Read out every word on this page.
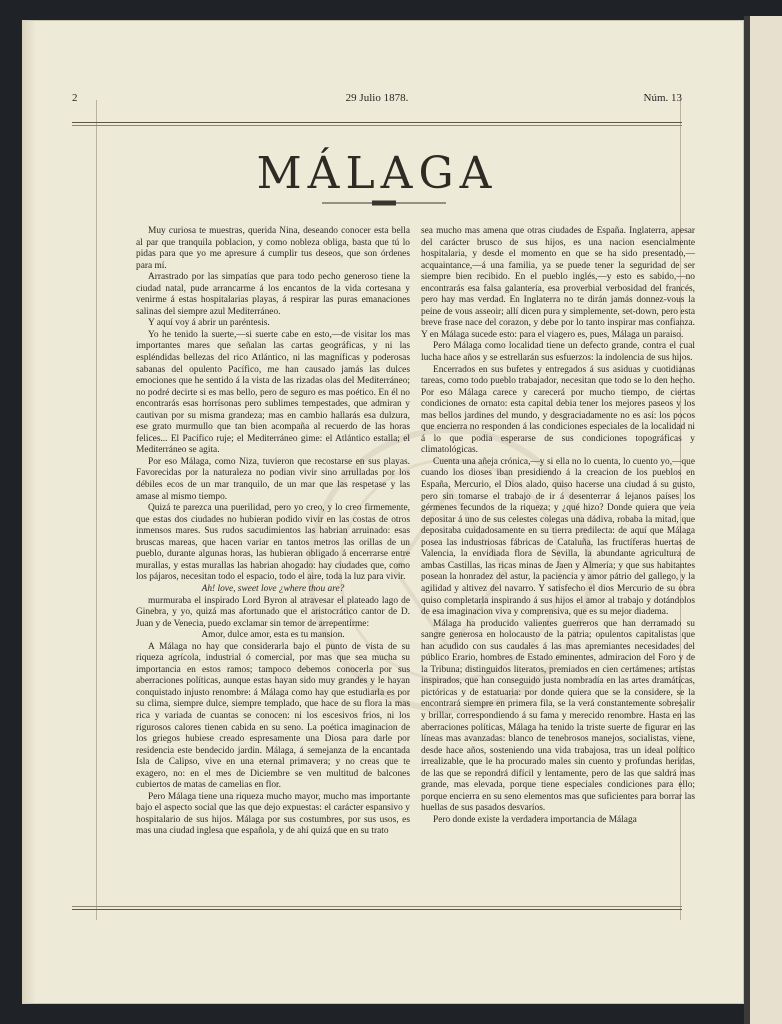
2	29 Julio 1878.	Núm. 13
MÁLAGA

Muy curiosa te muestras, querida Nina, deseando conocer esta bella al par que tranquila poblacion, y como nobleza obliga, basta que tú lo pidas para que yo me apresure á cumplir tus deseos, que son órdenes para mí.

Arrastrado por las simpatías que para todo pecho generoso tiene la ciudad natal, pude arrancarme á los encantos de la vida cortesana y venirme á estas hospitalarias playas, á respirar las puras emanaciones salinas del siempre azul Mediterráneo.

Y aquí voy á abrir un paréntesis.

Yo he tenido la suerte,—si suerte cabe en esto,—de visitar los mas importantes mares que señalan las cartas geográficas, y ni las espléndidas bellezas del rico Atlántico, ni las magníficas y poderosas sabanas del opulento Pacífico, me han causado jamás las dulces emociones que he sentido á la vista de las rizadas olas del Mediterráneo; no podré decirte si es mas bello, pero de seguro es mas poético. En él no encontrarás esas horrísonas pero sublimes tempestades, que admiran y cautivan por su misma grandeza; mas en cambio hallarás esa dulzura, ese grato murmullo que tan bien acompaña al recuerdo de las horas felices... El Pacífico ruje; el Mediterráneo gime: el Atlántico estalla; el Mediterráneo se agita.

Por eso Málaga, como Niza, tuvieron que recostarse en sus playas. Favorecidas por la naturaleza no podian vivir sino arrulladas por los débiles ecos de un mar tranquilo, de un mar que las respetase y las amase al mismo tiempo.

Quizá te parezca una puerilidad, pero yo creo, y lo creo firmemente, que estas dos ciudades no hubieran podido vivir en las costas de otros inmensos mares. Sus rudos sacudimientos las habrian arruinado: esas bruscas mareas, que hacen variar en tantos metros las orillas de un pueblo, durante algunas horas, las hubieran obligado á encerrarse entre murallas, y estas murallas las habrian ahogado: hay ciudades que, como los pájaros, necesitan todo el espacio, todo el aire, toda la luz para vivir.

Ah! love, sweet love ¿where thou are?

murmuraba el inspirado Lord Byron al atravesar el plateado lago de Ginebra, y yo, quizá mas afortunado que el aristocrático cantor de D. Juan y de Venecia, puedo exclamar sin temor de arrepentirme:

Amor, dulce amor, esta es tu mansion.

A Málaga no hay que considerarla bajo el punto de vista de su riqueza agrícola, industrial ó comercial, por mas que sea mucha su importancia en estos ramos; tampoco debemos conocerla por sus aberraciones políticas, aunque estas hayan sido muy grandes y le hayan conquistado injusto renombre: á Málaga como hay que estudiarla es por su clima, siempre dulce, siempre templado, que hace de su flora la mas rica y variada de cuantas se conocen: ni los escesivos frios, ni los rigurosos calores tienen cabida en su seno. La poética imaginacion de los griegos hubiese creado espresamente una Diosa para darle por residencia este bendecido jardin. Málaga, á semejanza de la encantada Isla de Calipso, vive en una eternal primavera; y no creas que te exagero, no: en el mes de Diciembre se ven multitud de balcones cubiertos de matas de camelias en flor.

Pero Málaga tiene una riqueza mucho mayor, mucho mas importante bajo el aspecto social que las que dejo expuestas: el carácter espansivo y hospitalario de sus hijos. Málaga por sus costumbres, por sus usos, es mas una ciudad inglesa que española, y de ahí quizá que en su trato

sea mucho mas amena que otras ciudades de España. Inglaterra, apesar del carácter brusco de sus hijos, es una nacion esencialmente hospitalaria, y desde el momento en que se ha sido presentado,—acquaintance,—á una familia, ya se puede tener la seguridad de ser siempre bien recibido. En el pueblo inglés,—y esto es sabido,—no encontrarás esa falsa galantería, esa proverbial verbosidad del francés, pero hay mas verdad. En Inglaterra no te dirán jamás donnez-vous la peine de vous asseoir; allí dicen pura y simplemente, set-down, pero esta breve frase nace del corazon, y debe por lo tanto inspirar mas confianza. Y en Málaga sucede esto: para el viagero es, pues, Málaga un paraiso.

Pero Málaga como localidad tiene un defecto grande, contra el cual lucha hace años y se estrellarán sus esfuerzos: la indolencia de sus hijos.

Encerrados en sus bufetes y entregados á sus asiduas y cuotidianas tareas, como todo pueblo trabajador, necesitan que todo se lo den hecho. Por eso Málaga carece y carecerá por mucho tiempo, de ciertas condiciones de ornato: esta capital debia tener los mejores paseos y los mas bellos jardines del mundo, y desgraciadamente no es así: los pocos que encierra no responden á las condiciones especiales de la localidad ni á lo que podia esperarse de sus condiciones topográficas y climatológicas.

Cuenta una añeja crónica,—y si ella no lo cuenta, lo cuento yo,—que cuando los dioses iban presidiendo á la creacion de los pueblos en España, Mercurio, el Dios alado, quiso hacerse una ciudad á su gusto, pero sin tomarse el trabajo de ir á desenterrar á lejanos países los gérmenes fecundos de la riqueza; y ¿qué hizo? Donde quiera que veia depositar á uno de sus celestes colegas una dádiva, robaba la mitad, que depositaba cuidadosamente en su tierra predilecta: de aquí que Málaga posea las industriosas fábricas de Cataluña, las fructíferas huertas de Valencia, la envidiada flora de Sevilla, la abundante agricultura de ambas Castillas, las ricas minas de Jaen y Almería; y que sus habitantes posean la honradez del astur, la paciencia y amor pátrio del gallego, y la agilidad y altivez del navarro. Y satisfecho el dios Mercurio de su obra quiso completarla inspirando á sus hijos el amor al trabajo y dotándolos de esa imaginacion viva y comprensiva, que es su mejor diadema.

Málaga ha producido valientes guerreros que han derramado su sangre generosa en holocausto de la patria; opulentos capitalistas que han acudido con sus caudales á las mas apremiantes necesidades del público Erario, hombres de Estado eminentes, admiracion del Foro y de la Tribuna; distinguidos literatos, premiados en cien certámenes; artistas inspirados, que han conseguido justa nombradía en las artes dramáticas, pictóricas y de estatuaria: por donde quiera que se la considere, se la encontrará siempre en primera fila, se la verá constantemente sobresalir y brillar, correspondiendo á su fama y merecido renombre. Hasta en las aberraciones políticas, Málaga ha tenido la triste suerte de figurar en las líneas mas avanzadas: blanco de tenebrosos manejos, socialistas, viene, desde hace años, sosteniendo una vida trabajosa, tras un ideal político irrealizable, que le ha procurado males sin cuento y profundas heridas, de las que se repondrá difícil y lentamente, pero de las que saldrá mas grande, mas elevada, porque tiene especiales condiciones para ello; porque encierra en su seno elementos mas que suficientes para borrar las huellas de sus pasados desvaríos.

Pero donde existe la verdadera importancia de Málaga
